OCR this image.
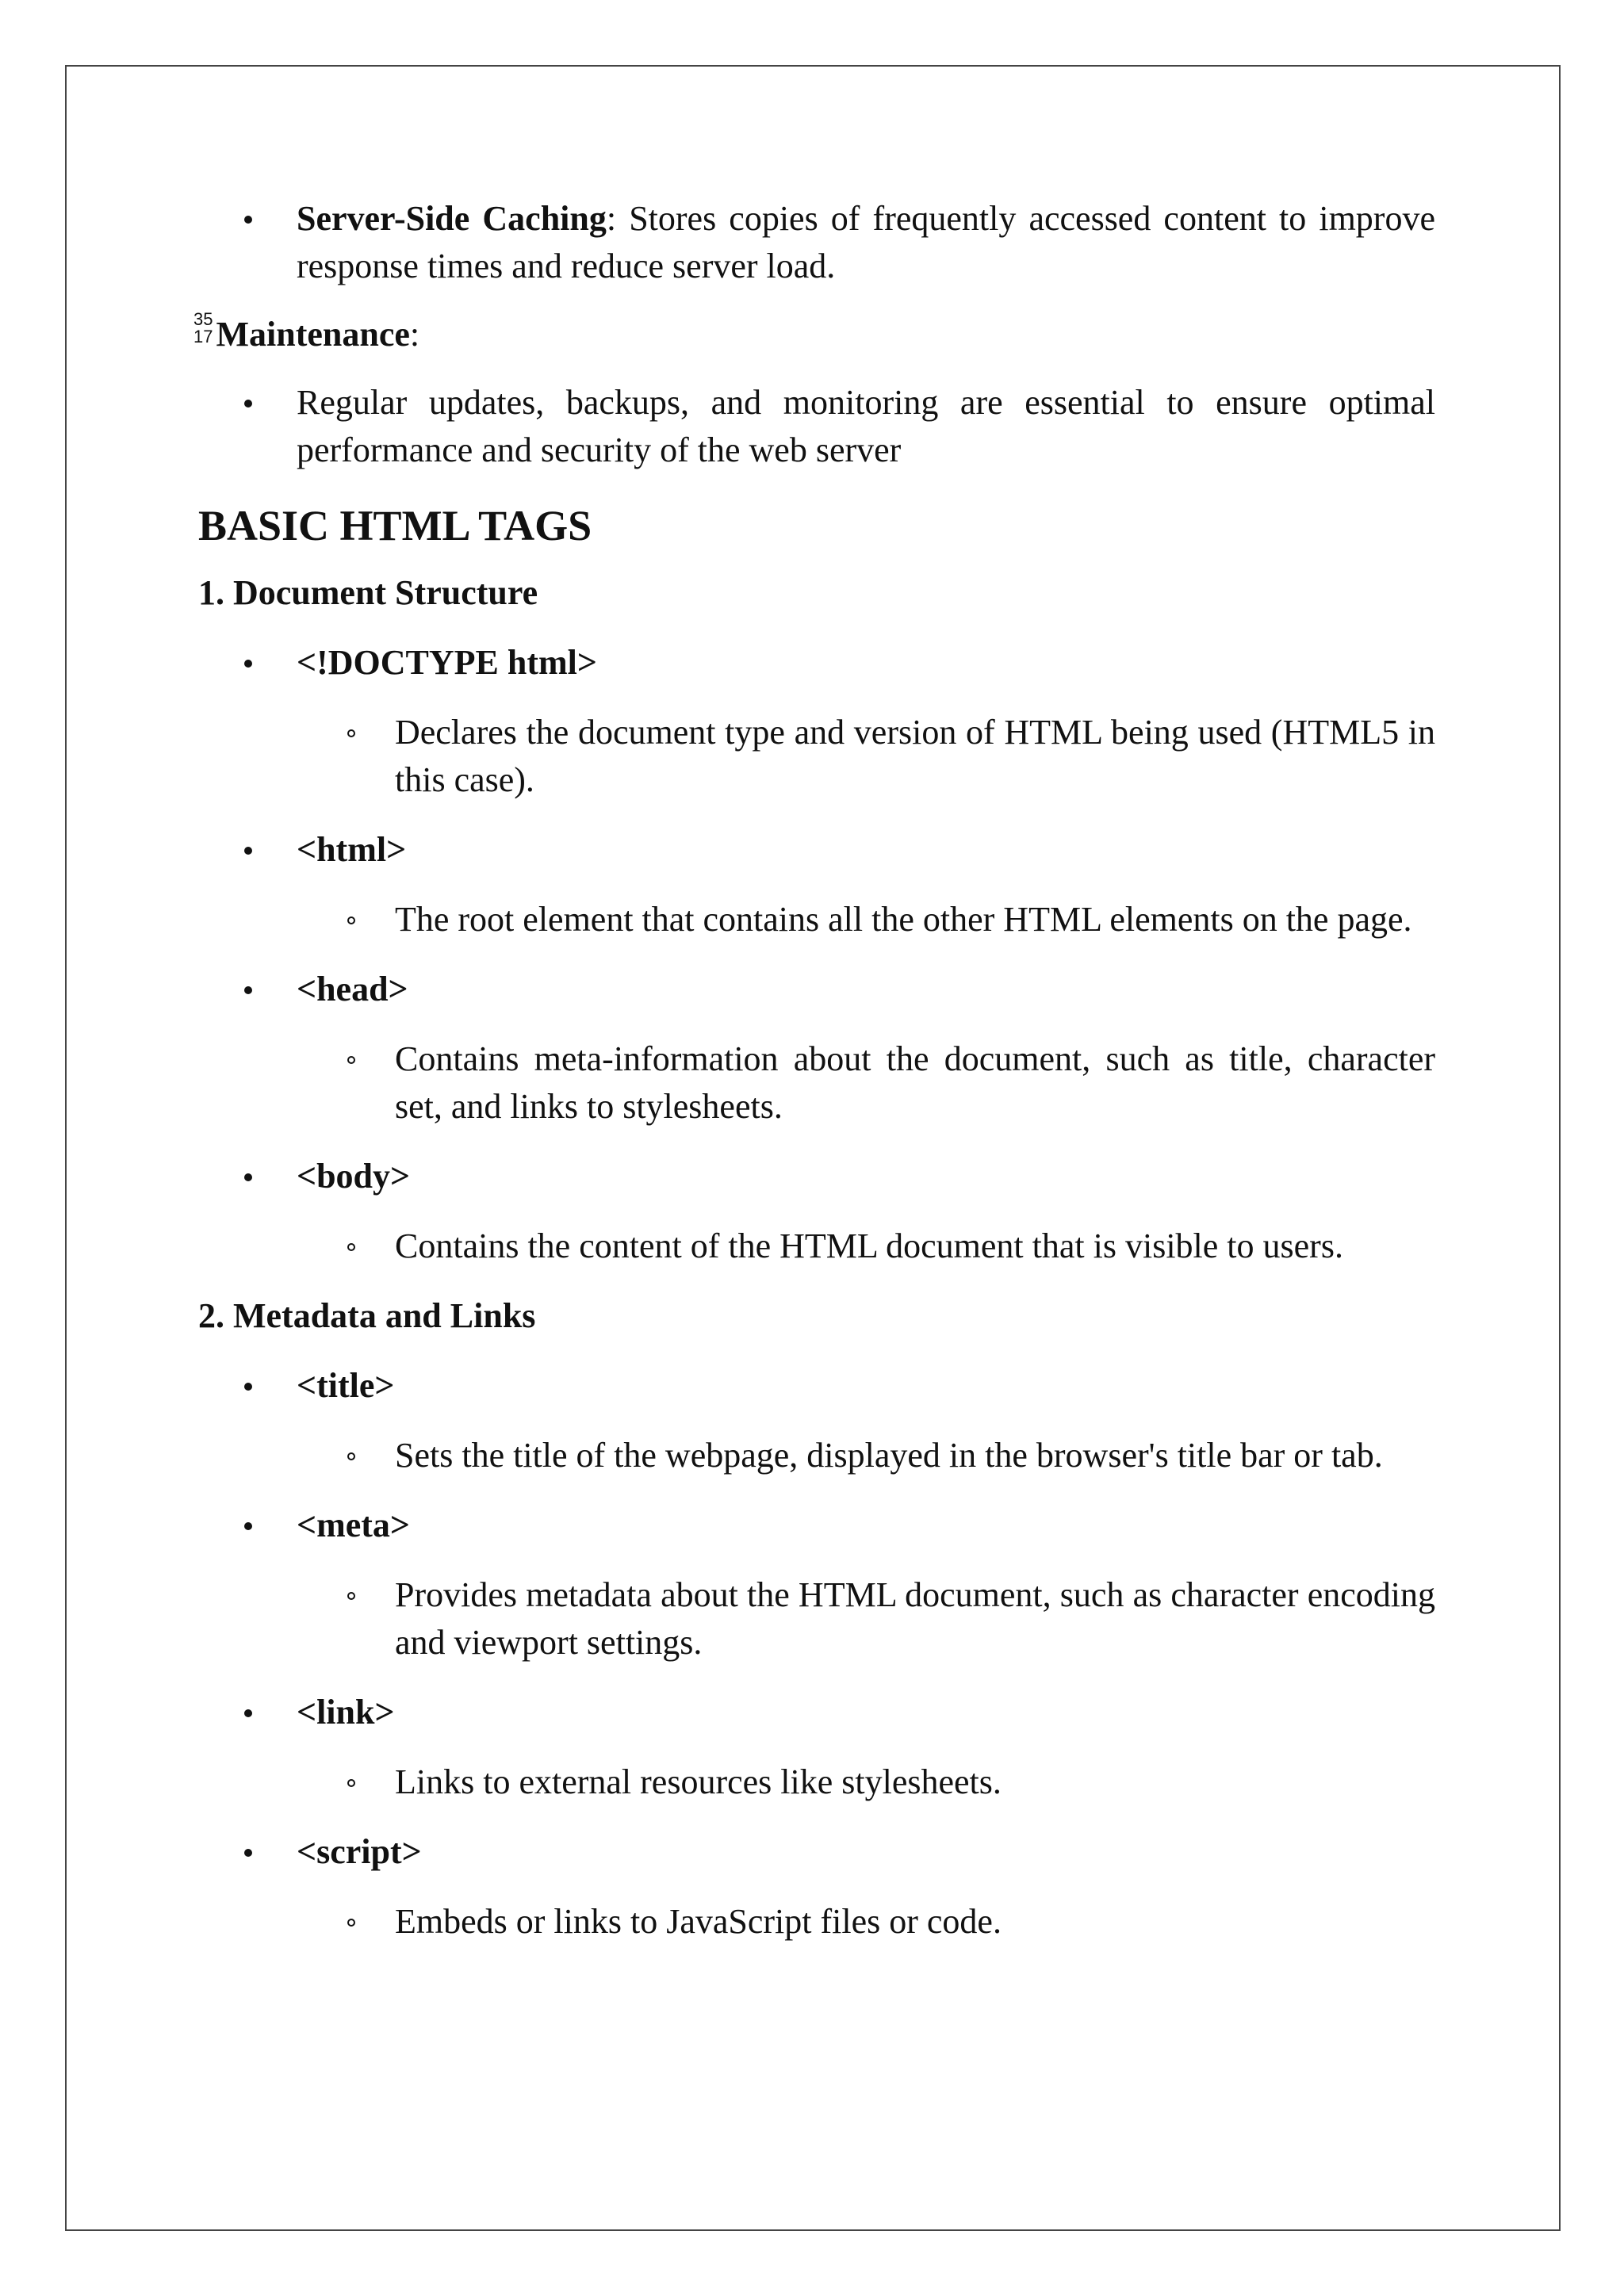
Server-Side Caching: Stores copies of frequently accessed content to improve response times and reduce server load.
35
17 Maintenance:
Regular updates, backups, and monitoring are essential to ensure optimal performance and security of the web server
BASIC HTML TAGS
1. Document Structure
<!DOCTYPE html>
Declares the document type and version of HTML being used (HTML5 in this case).
<html>
The root element that contains all the other HTML elements on the page.
<head>
Contains meta-information about the document, such as title, character set, and links to stylesheets.
<body>
Contains the content of the HTML document that is visible to users.
2. Metadata and Links
<title>
Sets the title of the webpage, displayed in the browser's title bar or tab.
<meta>
Provides metadata about the HTML document, such as character encoding and viewport settings.
<link>
Links to external resources like stylesheets.
<script>
Embeds or links to JavaScript files or code.
